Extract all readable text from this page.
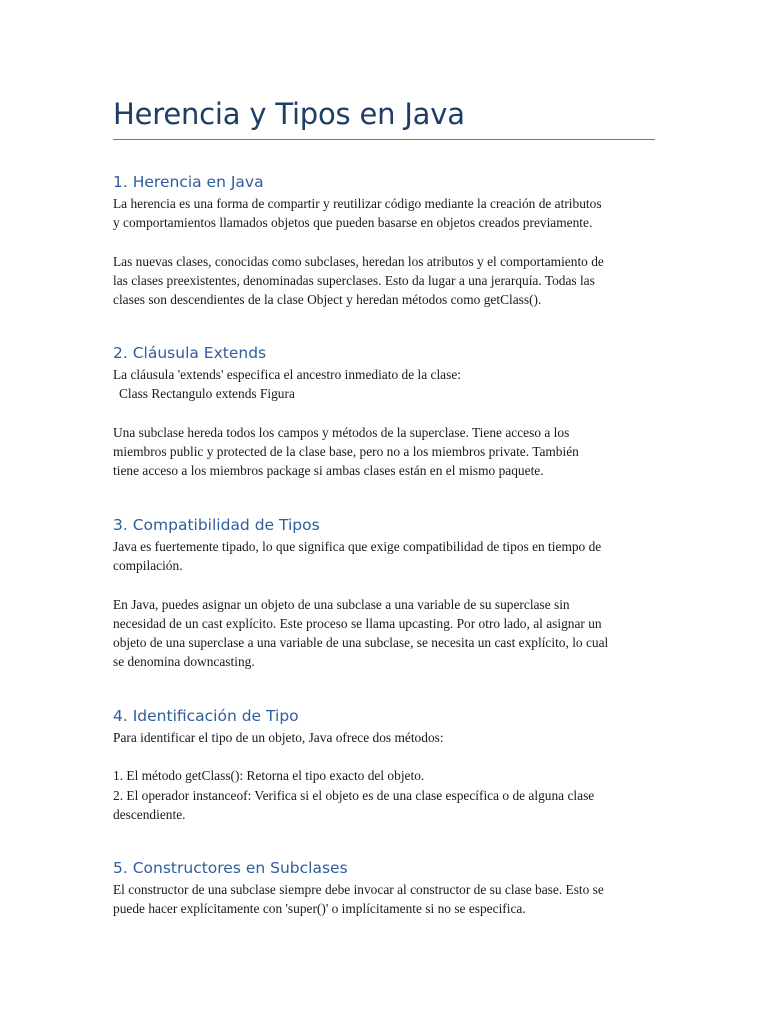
Herencia y Tipos en Java
1. Herencia en Java

La herencia es una forma de compartir y reutilizar código mediante la creación de atributos
y comportamientos llamados objetos que pueden basarse en objetos creados previamente.

Las nuevas clases, conocidas como subclases, heredan los atributos y el comportamiento de
las clases preexistentes, denominadas superclases. Esto da lugar a una jerarquía. Todas las
clases son descendientes de la clase Object y heredan métodos como getClass().

2. Cláusula Extends

La cláusula 'extends' especifica el ancestro inmediato de la clase:
Class Rectangulo extends Figura

Una subclase hereda todos los campos y métodos de la superclase. Tiene acceso a los
miembros public y protected de la clase base, pero no a los miembros private. También
tiene acceso a los miembros package si ambas clases están en el mismo paquete.

3. Compatibilidad de Tipos

Java es fuertemente tipado, lo que significa que exige compatibilidad de tipos en tiempo de
compilación.

En Java, puedes asignar un objeto de una subclase a una variable de su superclase sin
necesidad de un cast explícito. Este proceso se llama upcasting. Por otro lado, al asignar un
objeto de una superclase a una variable de una subclase, se necesita un cast explícito, lo cual
se denomina downcasting.

4. Identificación de Tipo

Para identificar el tipo de un objeto, Java ofrece dos métodos:

1. El método getClass(): Retorna el tipo exacto del objeto.
2. El operador instanceof: Verifica si el objeto es de una clase específica o de alguna clase
descendiente.

5. Constructores en Subclases

El constructor de una subclase siempre debe invocar al constructor de su clase base. Esto se
puede hacer explícitamente con 'super()' o implícitamente si no se especifica.
